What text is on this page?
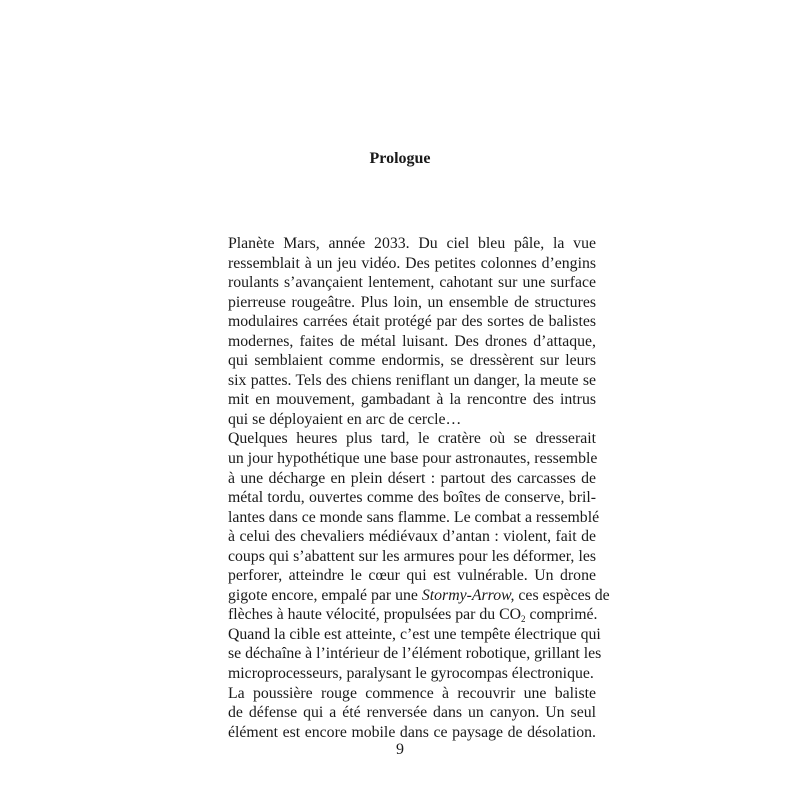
Prologue
Planète Mars, année 2033. Du ciel bleu pâle, la vue
ressemblait à un jeu vidéo. Des petites colonnes d’engins
roulants s’avançaient lentement, cahotant sur une surface
pierreuse rougeâtre. Plus loin, un ensemble de structures
modulaires carrées était protégé par des sortes de balistes
modernes, faites de métal luisant. Des drones d’attaque,
qui semblaient comme endormis, se dressèrent sur leurs
six pattes. Tels des chiens reniflant un danger, la meute se
mit en mouvement, gambadant à la rencontre des intrus
qui se déployaient en arc de cercle…
Quelques heures plus tard, le cratère où se dresserait
un jour hypothétique une base pour astronautes, ressemble
à une décharge en plein désert : partout des carcasses de
métal tordu, ouvertes comme des boîtes de conserve, bril-
lantes dans ce monde sans flamme. Le combat a ressemblé
à celui des chevaliers médiévaux d’antan : violent, fait de
coups qui s’abattent sur les armures pour les déformer, les
perforer, atteindre le cœur qui est vulnérable. Un drone
gigote encore, empalé par une Stormy-Arrow, ces espèces de
flèches à haute vélocité, propulsées par du $CO_2$ comprimé.
Quand la cible est atteinte, c’est une tempête électrique qui
se déchaîne à l’intérieur de l’élément robotique, grillant les
microprocesseurs, paralysant le gyrocompas électronique.
La poussière rouge commence à recouvrir une baliste
de défense qui a été renversée dans un canyon. Un seul
élément est encore mobile dans ce paysage de désolation.

9
